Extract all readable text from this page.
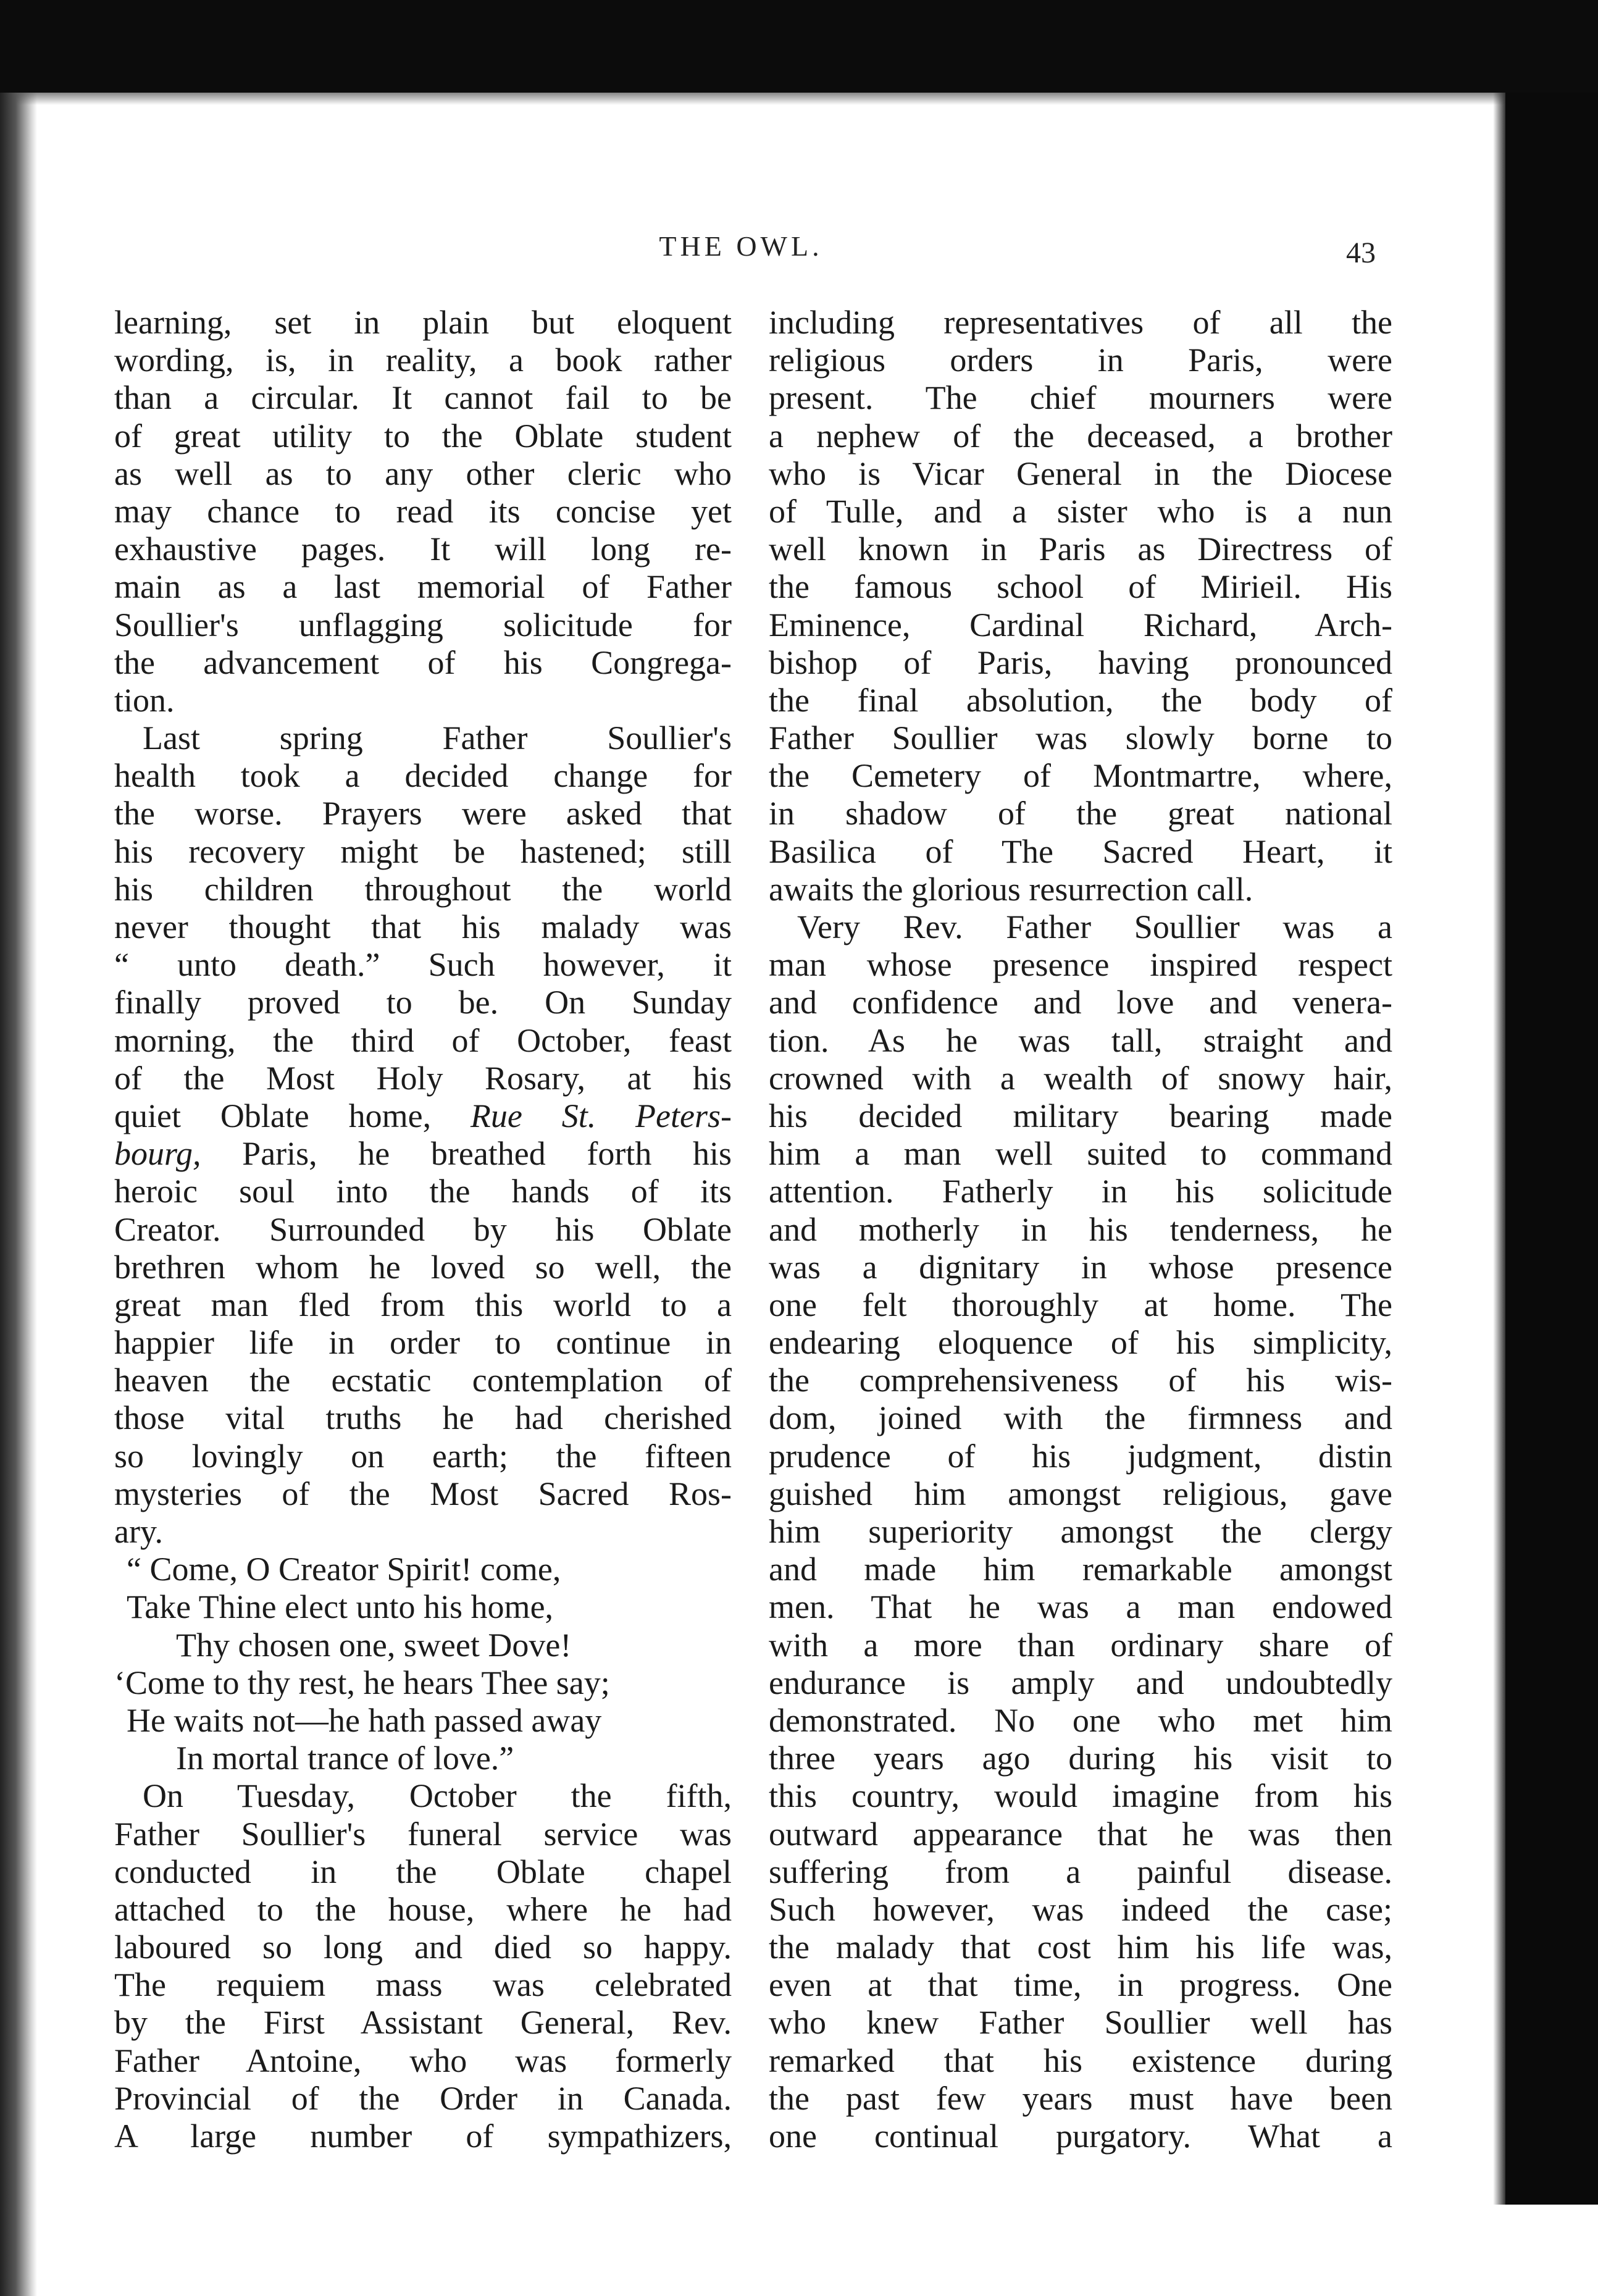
THE OWL.	43
learning, set in plain but eloquent
wording, is, in reality, a book rather
than a circular. It cannot fail to be
of great utility to the Oblate student
as well as to any other cleric who
may chance to read its concise yet
exhaustive pages. It will long re-
main as a last memorial of Father
Soullier's unflagging solicitude for
the advancement of his Congrega-
tion.
Last spring Father Soullier's
health took a decided change for
the worse. Prayers were asked that
his recovery might be hastened; still
his children throughout the world
never thought that his malady was
“ unto death.” Such however, it
finally proved to be. On Sunday
morning, the third of October, feast
of the Most Holy Rosary, at his
quiet Oblate home, Rue St. Peters-
bourg, Paris, he breathed forth his
heroic soul into the hands of its
Creator. Surrounded by his Oblate
brethren whom he loved so well, the
great man fled from this world to a
happier life in order to continue in
heaven the ecstatic contemplation of
those vital truths he had cherished
so lovingly on earth; the fifteen
mysteries of the Most Sacred Ros-
ary.
“ Come, O Creator Spirit! come,
Take Thine elect unto his home,
Thy chosen one, sweet Dove!
‘Come to thy rest, he hears Thee say;
He waits not—he hath passed away
In mortal trance of love.”
On Tuesday, October the fifth,
Father Soullier's funeral service was
conducted in the Oblate chapel
attached to the house, where he had
laboured so long and died so happy.
The requiem mass was celebrated
by the First Assistant General, Rev.
Father Antoine, who was formerly
Provincial of the Order in Canada.
A large number of sympathizers,
including representatives of all the
religious orders in Paris, were
present. The chief mourners were
a nephew of the deceased, a brother
who is Vicar General in the Diocese
of Tulle, and a sister who is a nun
well known in Paris as Directress of
the famous school of Mirieil. His
Eminence, Cardinal Richard, Arch-
bishop of Paris, having pronounced
the final absolution, the body of
Father Soullier was slowly borne to
the Cemetery of Montmartre, where,
in shadow of the great national
Basilica of The Sacred Heart, it
awaits the glorious resurrection call.
Very Rev. Father Soullier was a
man whose presence inspired respect
and confidence and love and venera-
tion. As he was tall, straight and
crowned with a wealth of snowy hair,
his decided military bearing made
him a man well suited to command
attention. Fatherly in his solicitude
and motherly in his tenderness, he
was a dignitary in whose presence
one felt thoroughly at home. The
endearing eloquence of his simplicity,
the comprehensiveness of his wis-
dom, joined with the firmness and
prudence of his judgment, distin
guished him amongst religious, gave
him superiority amongst the clergy
and made him remarkable amongst
men. That he was a man endowed
with a more than ordinary share of
endurance is amply and undoubtedly
demonstrated. No one who met him
three years ago during his visit to
this country, would imagine from his
outward appearance that he was then
suffering from a painful disease.
Such however, was indeed the case;
the malady that cost him his life was,
even at that time, in progress. One
who knew Father Soullier well has
remarked that his existence during
the past few years must have been
one continual purgatory. What a
